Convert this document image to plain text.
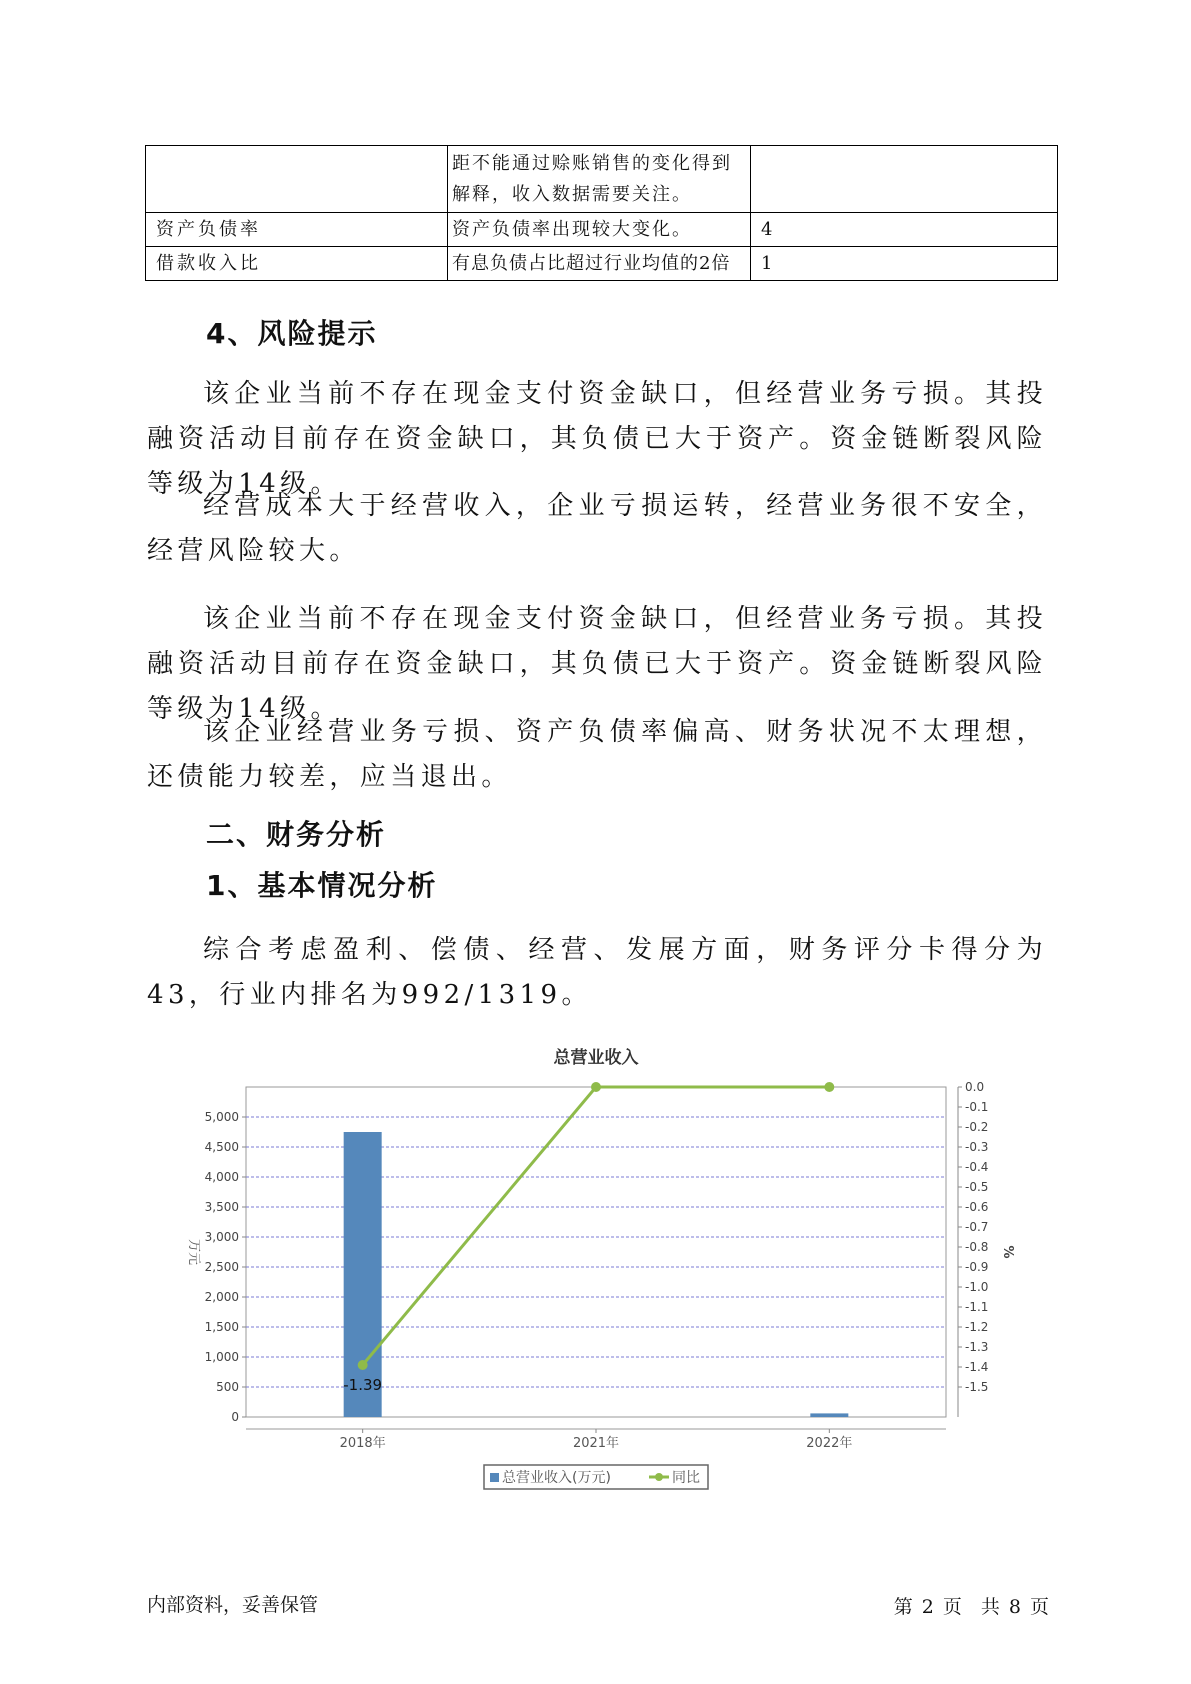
	距不能通过赊账销售的变化得到
解释，收入数据需要关注。	

资产负债率	资产负债率出现较大变化。	4
借款收入比	有息负债占比超过行业均值的2倍	1
4、风险提示

该企业当前不存在现金支付资金缺口，但经营业务亏损。其投融资活动目前存在资金缺口，其负债已大于资产。资金链断裂风险等级为14级。

经营成本大于经营收入，企业亏损运转，经营业务很不安全，经营风险较大。

该企业当前不存在现金支付资金缺口，但经营业务亏损。其投融资活动目前存在资金缺口，其负债已大于资产。资金链断裂风险等级为14级。

该企业经营业务亏损、资产负债率偏高、财务状况不太理想，还债能力较差，应当退出。

二、财务分析
1、基本情况分析

综合考虑盈利、偿债、经营、发展方面，财务评分卡得分为43，行业内排名为992/1319。

总营业收入
0
500
1,000
1,500
2,000
2,500
3,000
3,500
4,000
4,500
5,000
万元
0.0
-0.1
-0.2
-0.3
-0.4
-0.5
-0.6
-0.7
-0.8
-0.9
-1.0
-1.1
-1.2
-1.3
-1.4
-1.5
%
2018年	2021年	2022年
-1.39
总营业收入(万元)	同比
内部资料，妥善保管	第 2 页 共 8 页
